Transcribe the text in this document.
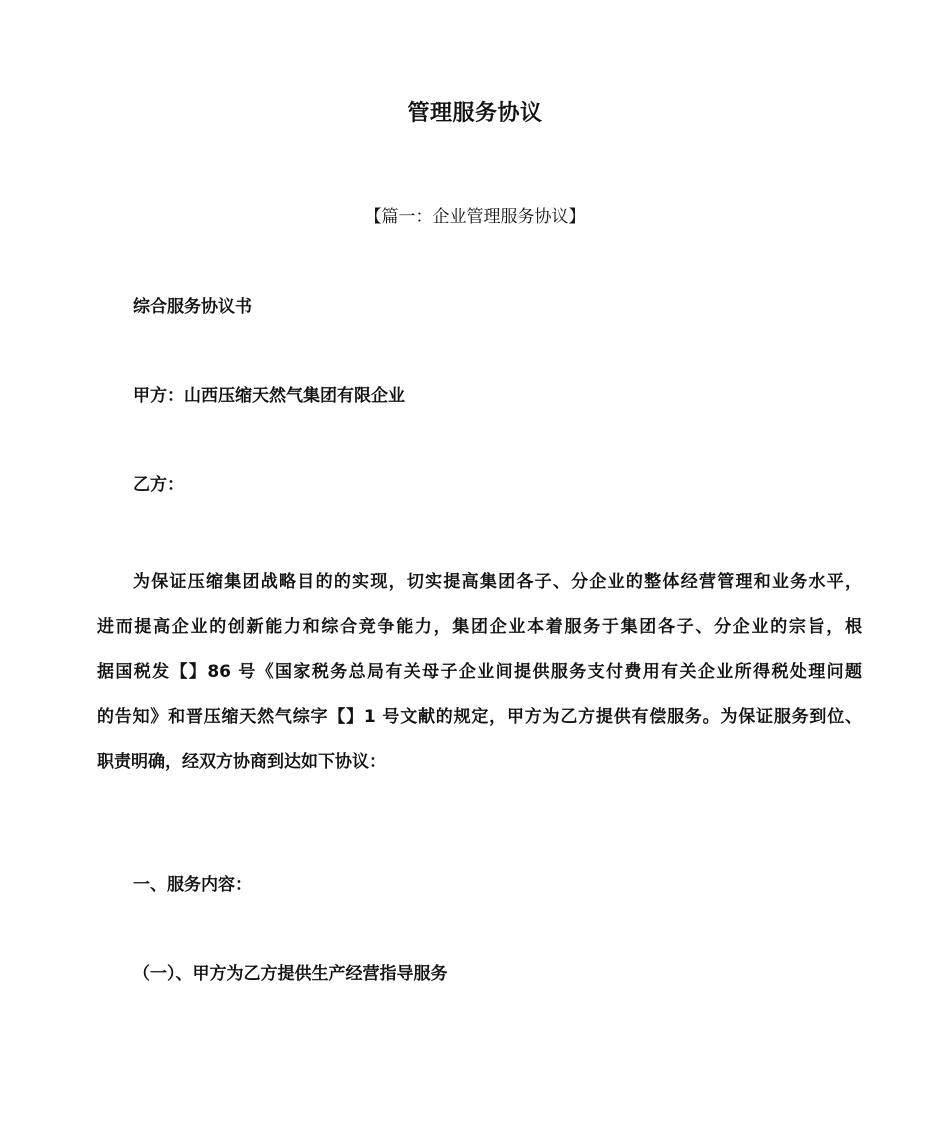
管理服务协议
【篇一：企业管理服务协议】
综合服务协议书
甲方：山西压缩天然气集团有限企业
乙方：
为保证压缩集团战略目的的实现，切实提高集团各子、分企业的整体经营管理和业务水平，
进而提高企业的创新能力和综合竞争能力，集团企业本着服务于集团各子、分企业的宗旨，根
据国税发【】86 号《国家税务总局有关母子企业间提供服务支付费用有关企业所得税处理问题
的告知》和晋压缩天然气综字【】1 号文献的规定，甲方为乙方提供有偿服务。为保证服务到位、
职责明确，经双方协商到达如下协议：
一、服务内容：
（一）、甲方为乙方提供生产经营指导服务
